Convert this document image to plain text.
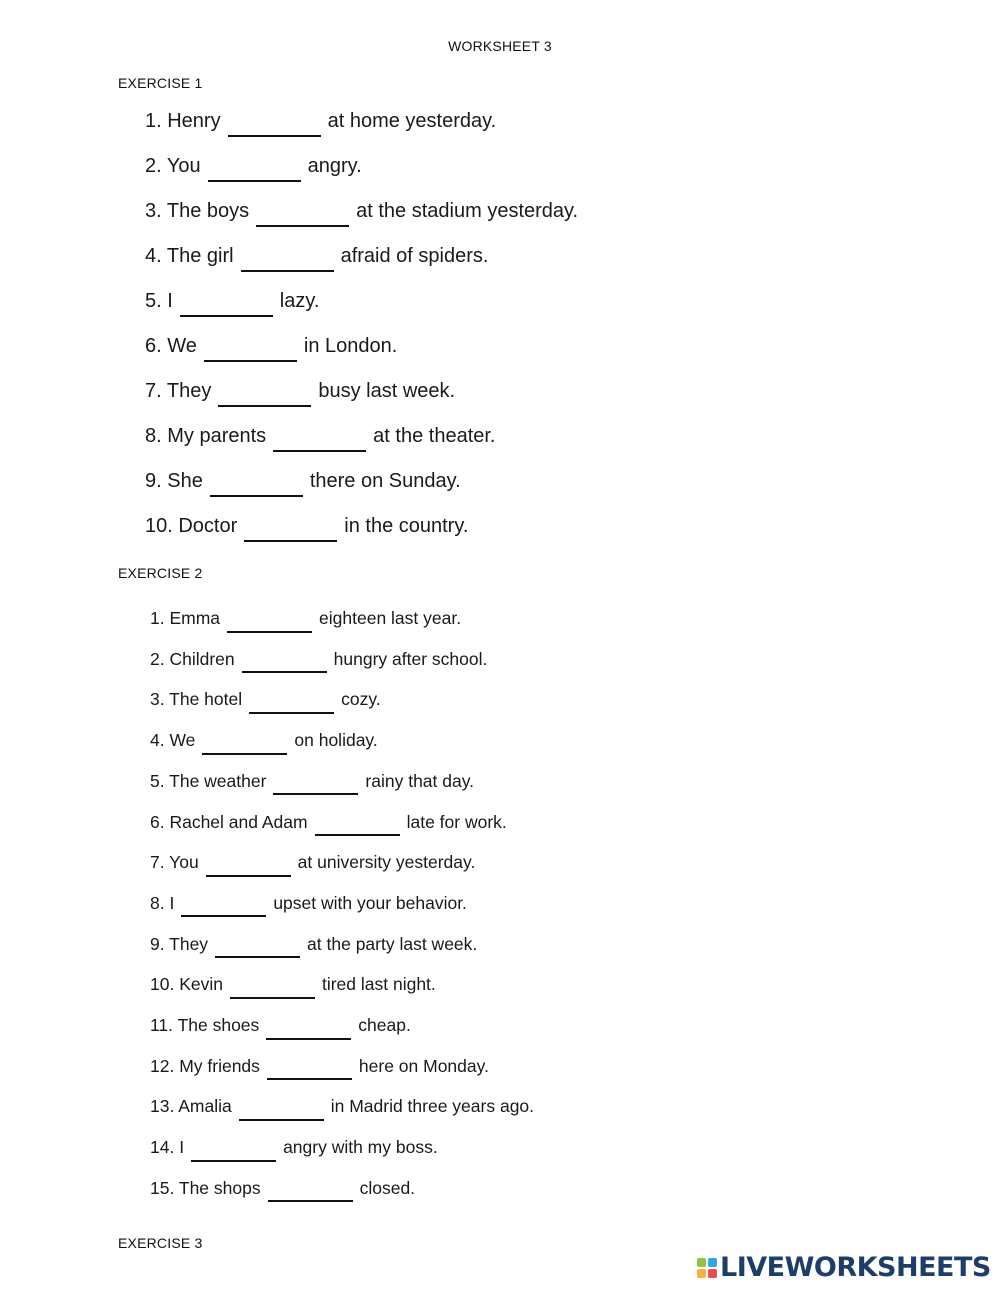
WORKSHEET 3
EXERCISE 1
1. Henry	at home yesterday.
2. You	angry.
3. The boys	at the stadium yesterday.
4. The girl	afraid of spiders.
5. I	lazy.
6. We	in London.
7. They	busy last week.
8. My parents	at the theater.
9. She	there on Sunday.
10. Doctor	in the country.
EXERCISE 2
1. Emma	eighteen last year.
2. Children	hungry after school.
3. The hotel	cozy.
4. We	on holiday.
5. The weather	rainy that day.
6. Rachel and Adam	late for work.
7. You	at university yesterday.
8. I	upset with your behavior.
9. They	at the party last week.
10. Kevin	tired last night.
11. The shoes	cheap.
12. My friends	here on Monday.
13. Amalia	in Madrid three years ago.
14. I	angry with my boss.
15. The shops	closed.
EXERCISE 3
LIVEWORKSHEETS
